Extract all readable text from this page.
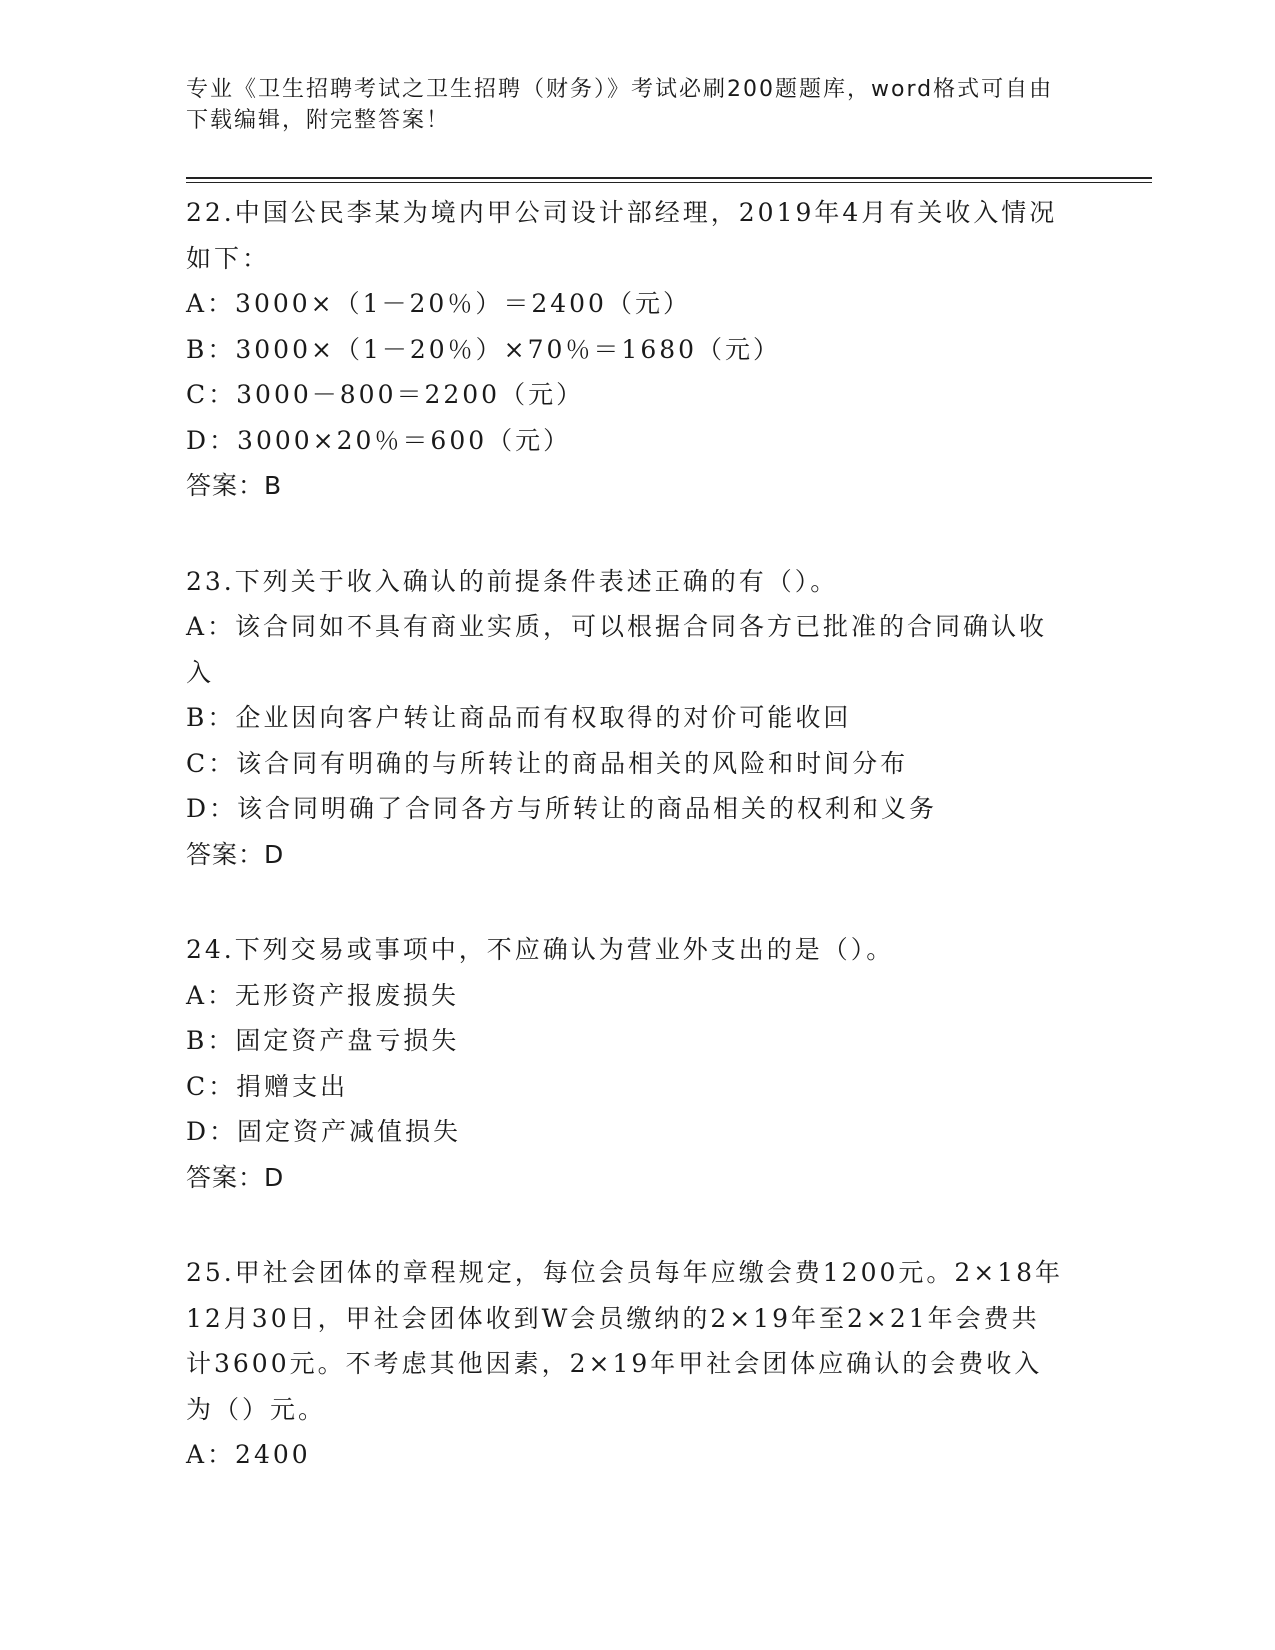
专业《卫生招聘考试之卫生招聘（财务）》考试必刷200题题库，word格式可自由下载编辑，附完整答案！
22.中国公民李某为境内甲公司设计部经理，2019年4月有关收入情况如下：
A：3000×（1－20％）＝2400（元）
B：3000×（1－20％）×70％＝1680（元）
C：3000－800＝2200（元）
D：3000×20％＝600（元）
答案：B
23.下列关于收入确认的前提条件表述正确的有（）。
A：该合同如不具有商业实质，可以根据合同各方已批准的合同确认收入
B：企业因向客户转让商品而有权取得的对价可能收回
C：该合同有明确的与所转让的商品相关的风险和时间分布
D：该合同明确了合同各方与所转让的商品相关的权利和义务
答案：D
24.下列交易或事项中，不应确认为营业外支出的是（）。
A：无形资产报废损失
B：固定资产盘亏损失
C：捐赠支出
D：固定资产减值损失
答案：D
25.甲社会团体的章程规定，每位会员每年应缴会费1200元。2×18年12月30日，甲社会团体收到W会员缴纳的2×19年至2×21年会费共计3600元。不考虑其他因素，2×19年甲社会团体应确认的会费收入为（）元。
A：2400
